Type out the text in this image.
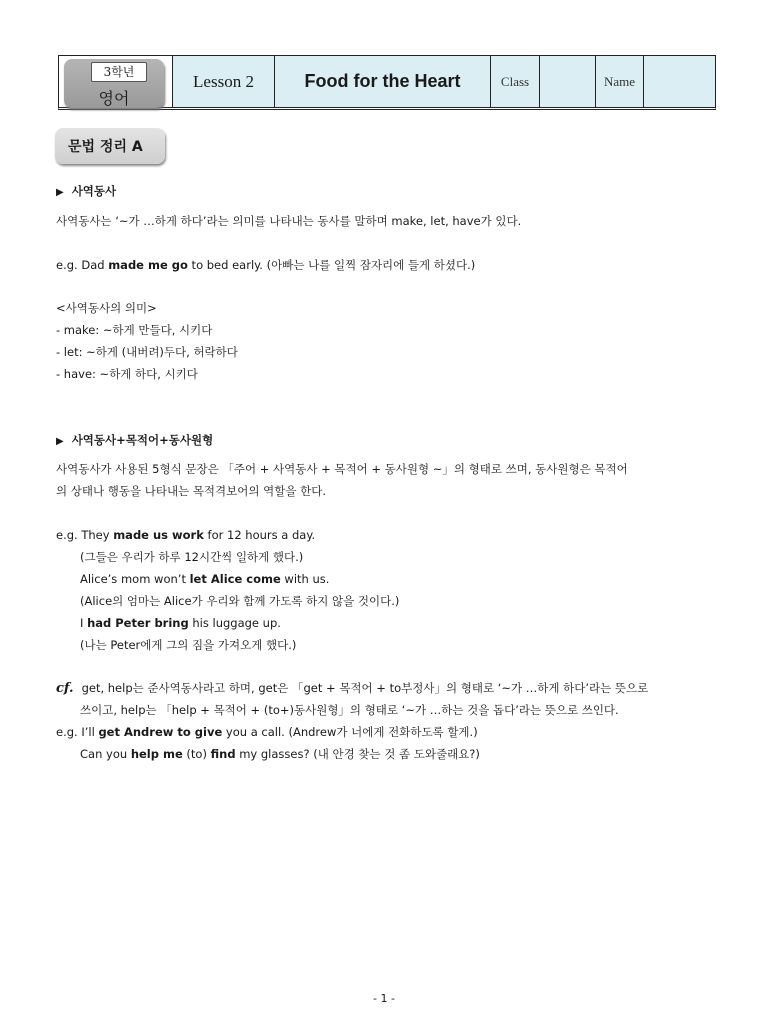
3학년
영어
Lesson 2	Food for the Heart	Class	Name
문법 정리 A
▶ 사역동사
사역동사는 ‘~가 …하게 하다’라는 의미를 나타내는 동사를 말하며 make, let, have가 있다.
e.g. Dad made me go to bed early. (아빠는 나를 일찍 잠자리에 들게 하셨다.)
<사역동사의 의미>
- make: ~하게 만들다, 시키다
- let: ~하게 (내버려)두다, 허락하다
- have: ~하게 하다, 시키다
▶ 사역동사+목적어+동사원형
사역동사가 사용된 5형식 문장은 「주어 + 사역동사 + 목적어 + 동사원형 ~」의 형태로 쓰며, 동사원형은 목적어
의 상태나 행동을 나타내는 목적격보어의 역할을 한다.
e.g. They made us work for 12 hours a day.
(그들은 우리가 하루 12시간씩 일하게 했다.)
Alice’s mom won’t let Alice come with us.
(Alice의 엄마는 Alice가 우리와 함께 가도록 하지 않을 것이다.)
I had Peter bring his luggage up.
(나는 Peter에게 그의 짐을 가져오게 했다.)
cf. get, help는 준사역동사라고 하며, get은 「get + 목적어 + to부정사」의 형태로 ‘~가 …하게 하다’라는 뜻으로
쓰이고, help는 「help + 목적어 + (to+)동사원형」의 형태로 ‘~가 …하는 것을 돕다’라는 뜻으로 쓰인다.
e.g. I’ll get Andrew to give you a call. (Andrew가 너에게 전화하도록 할게.)
Can you help me (to) find my glasses? (내 안경 찾는 것 좀 도와줄래요?)
- 1 -
